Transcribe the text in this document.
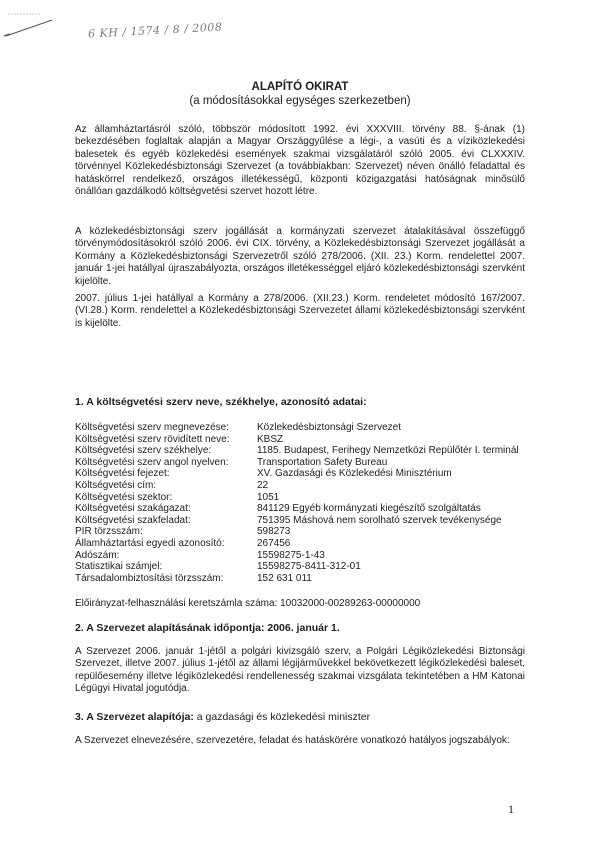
6 KH / 1574 / 8 / 2008
ALAPÍTÓ OKIRAT
(a módosításokkal egységes szerkezetben)
Az államháztartásról szóló, többször módosított 1992. évi XXXVIII. törvény 88. §-ának (1) bekezdésében foglaltak alapján a Magyar Országgyűlése a légi-, a vasúti és a víziközlekedési balesetek és egyéb közlekedési események szakmai vizsgálatáról szóló 2005. évi CLXXXIV. törvénnyel Közlekedésbiztonsági Szervezet (a továbbiakban: Szervezet) néven önálló feladattal és hatáskörrel rendelkező, országos illetékességű, központi közigazgatási hatóságnak minősülő önállóan gazdálkodó költségvetési szervet hozott létre.
A közlekedésbiztonsági szerv jogállását a kormányzati szervezet átalakításával összefüggő törvénymódosításokról szóló 2006. évi CIX. törvény, a Közlekedésbiztonsági Szervezet jogállását a Kormány a Közlekedésbiztonsági Szervezetről szóló 278/2006. (XII. 23.) Korm. rendelettel 2007. január 1-jei hatállyal újraszabályozta, országos illetékességgel eljáró közlekedésbiztonsági szervként kijelölte.
2007. július 1-jei hatállyal a Kormány a 278/2006. (XII.23.) Korm. rendeletet módosító 167/2007.(VI.28.) Korm. rendelettel a Közlekedésbiztonsági Szervezetet állami közlekedésbiztonsági szervként is kijelölte.
1. A költségvetési szerv neve, székhelye, azonosító adatai:
Költségvetési szerv megnevezése:	Közlekedésbiztonsági Szervezet
Költségvetési szerv rövidített neve:	KBSZ
Költségvetési szerv székhelye:	1185. Budapest, Ferihegy Nemzetközi Repülőtér I. terminál
Költségvetési szerv angol nyelven:	Transportation Safety Bureau
Költségvetési fejezet:	XV. Gazdasági és Közlekedési Minisztérium
Költségvetési cím:	22
Költségvetési szektor:	1051
Költségvetési szakágazat:	841129 Egyéb kormányzati kiegészítő szolgáltatás
Költségvetési szakfeladat:	751395 Máshová nem sorolható szervek tevékenysége
PIR törzsszám:	598273
Államháztartási egyedi azonosító:	267456
Adószám:	15598275-1-43
Statisztikai számjel:	15598275-8411-312-01
Társadalombiztosítási törzsszám:	152 631 011
Előirányzat-felhasználási keretszámla száma: 10032000-00289263-00000000
2. A Szervezet alapításának időpontja: 2006. január 1.
A Szervezet 2006. január 1-jétől a polgári kivizsgáló szerv, a Polgári Légiközlekedési Biztonsági Szervezet, illetve 2007. július 1-jétől az állami légijárművekkel bekövetkezett légiközlekedési baleset, repülőesemény illetve légiközlekedési rendellenesség szakmai vizsgálata tekintetében a HM Katonai Légügyi Hivatal jogutódja.
3. A Szervezet alapítója: a gazdasági és közlekedési miniszter
A Szervezet elnevezésére, szervezetére, feladat és hatáskörére vonatkozó hatályos jogszabályok:
1
